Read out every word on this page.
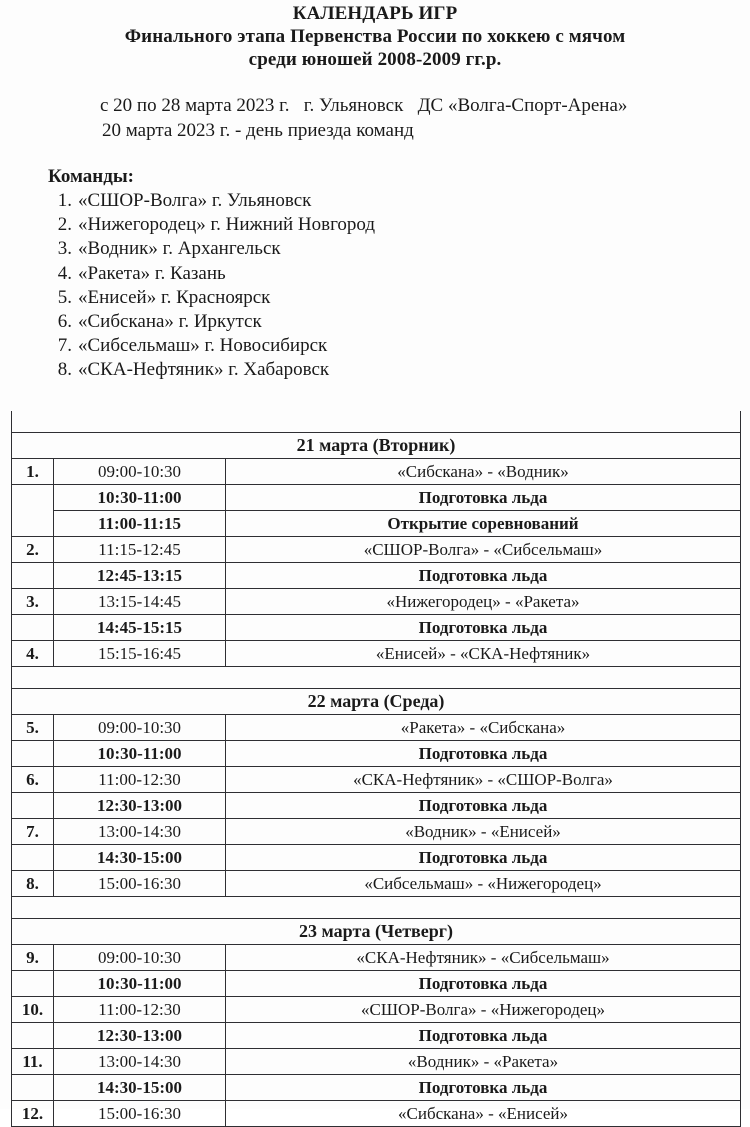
КАЛЕНДАРЬ ИГР
Финального этапа Первенства России по хоккею с мячом
среди юношей 2008-2009 гг.р.
с 20 по 28 марта 2023 г. г. Ульяновск ДС «Волга-Спорт-Арена»
20 марта 2023 г. - день приезда команд
Команды:
1. «СШОР-Волга» г. Ульяновск
2. «Нижегородец» г. Нижний Новгород
3. «Водник» г. Архангельск
4. «Ракета» г. Казань
5. «Енисей» г. Красноярск
6. «Сибскана» г. Иркутск
7. «Сибсельмаш» г. Новосибирск
8. «СКА-Нефтяник» г. Хабаровск

21 марта (Вторник)		
1.	09:00-10:30	«Сибскана» - «Водник»
	10:30-11:00	Подготовка льда
	11:00-11:15	Открытие соревнований
2.	11:15-12:45	«СШОР-Волга» - «Сибсельмаш»
	12:45-13:15	Подготовка льда
3.	13:15-14:45	«Нижегородец» - «Ракета»
	14:45-15:15	Подготовка льда
4.	15:15-16:45	«Енисей» - «СКА-Нефтяник»

22 марта (Среда)		
5.	09:00-10:30	«Ракета» - «Сибскана»
	10:30-11:00	Подготовка льда
6.	11:00-12:30	«СКА-Нефтяник» - «СШОР-Волга»
	12:30-13:00	Подготовка льда
7.	13:00-14:30	«Водник» - «Енисей»
	14:30-15:00	Подготовка льда
8.	15:00-16:30	«Сибсельмаш» - «Нижегородец»

23 марта (Четверг)		
9.	09:00-10:30	«СКА-Нефтяник» - «Сибсельмаш»
	10:30-11:00	Подготовка льда
10.	11:00-12:30	«СШОР-Волга» - «Нижегородец»
	12:30-13:00	Подготовка льда
11.	13:00-14:30	«Водник» - «Ракета»
	14:30-15:00	Подготовка льда
12.	15:00-16:30	«Сибскана» - «Енисей»
